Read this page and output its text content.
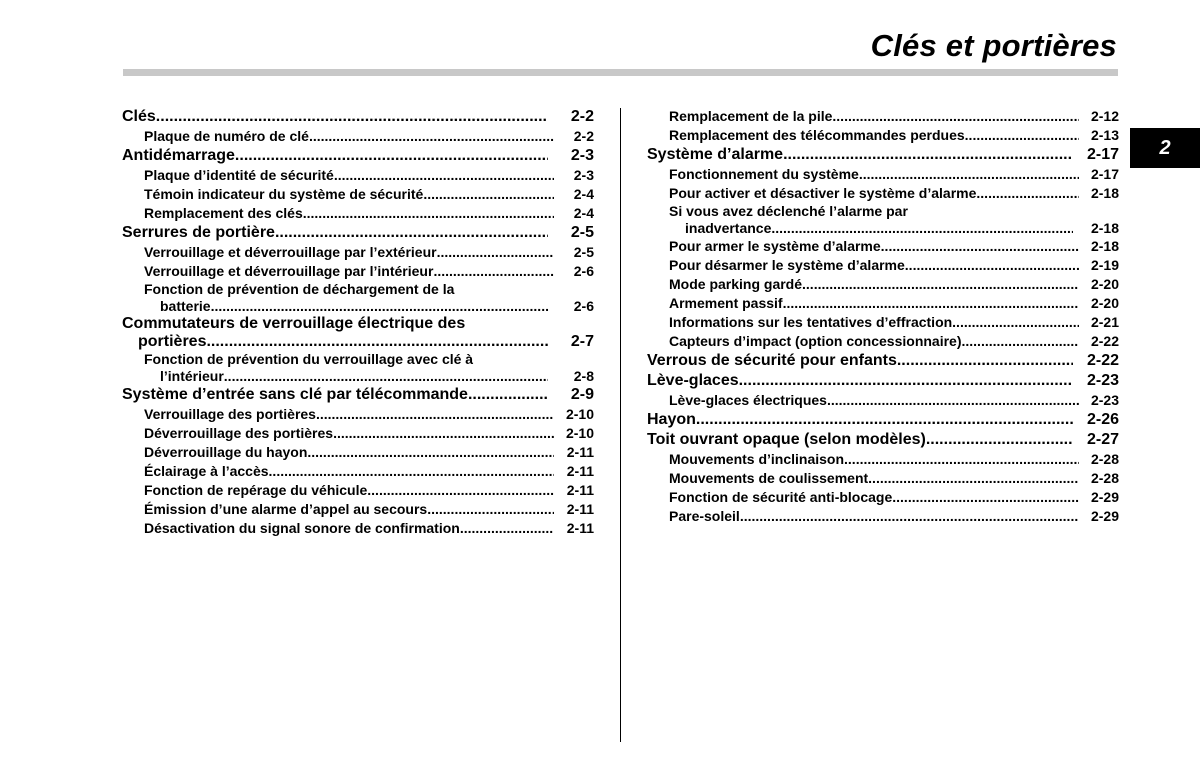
Clés et portières
2
Clés .....	2-2
Plaque de numéro de clé .....	2-2
Antidémarrage .....	2-3
Plaque d’identité de sécurité .....	2-3
Témoin indicateur du système de sécurité .....	2-4
Remplacement des clés .....	2-4
Serrures de portière .....	2-5
Verrouillage et déverrouillage par l’extérieur .....	2-5
Verrouillage et déverrouillage par l’intérieur .....	2-6
Fonction de prévention de déchargement de la
batterie .....	2-6
Commutateurs de verrouillage électrique des
portières .....	2-7
Fonction de prévention du verrouillage avec clé à
l’intérieur .....	2-8
Système d’entrée sans clé par télécommande .....	2-9
Verrouillage des portières .....	2-10
Déverrouillage des portières .....	2-10
Déverrouillage du hayon .....	2-11
Éclairage à l’accès .....	2-11
Fonction de repérage du véhicule .....	2-11
Émission d’une alarme d’appel au secours .....	2-11
Désactivation du signal sonore de confirmation .....	2-11
Remplacement de la pile .....	2-12
Remplacement des télécommandes perdues .....	2-13
Système d’alarme .....	2-17
Fonctionnement du système .....	2-17
Pour activer et désactiver le système d’alarme .....	2-18
Si vous avez déclenché l’alarme par
inadvertance .....	2-18
Pour armer le système d’alarme .....	2-18
Pour désarmer le système d’alarme .....	2-19
Mode parking gardé .....	2-20
Armement passif .....	2-20
Informations sur les tentatives d’effraction .....	2-21
Capteurs d’impact (option concessionnaire) .....	2-22
Verrous de sécurité pour enfants .....	2-22
Lève-glaces .....	2-23
Lève-glaces électriques .....	2-23
Hayon .....	2-26
Toit ouvrant opaque (selon modèles) .....	2-27
Mouvements d’inclinaison .....	2-28
Mouvements de coulissement .....	2-28
Fonction de sécurité anti-blocage .....	2-29
Pare-soleil .....	2-29
